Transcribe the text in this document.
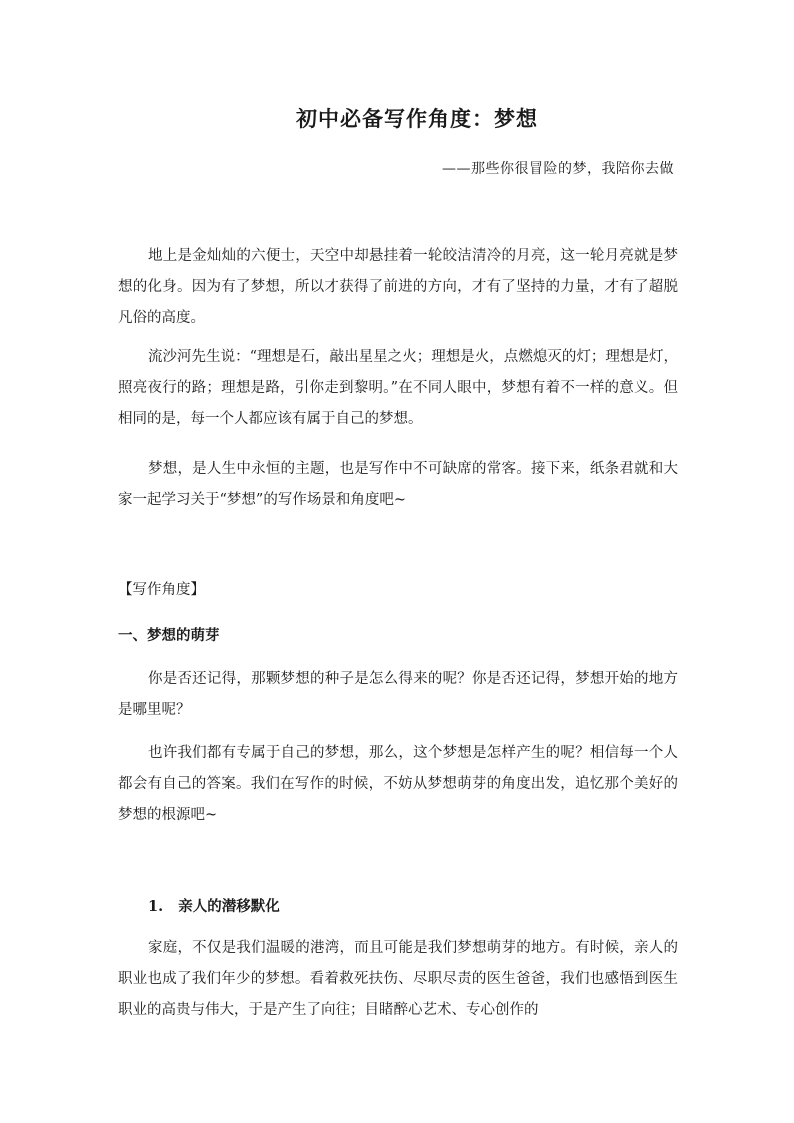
初中必备写作角度：梦想
——那些你很冒险的梦，我陪你去做

地上是金灿灿的六便士，天空中却悬挂着一轮皎洁清冷的月亮，这一轮月亮就是梦想的化身。因为有了梦想，所以才获得了前进的方向，才有了坚持的力量，才有了超脱凡俗的高度。

流沙河先生说：“理想是石，敲出星星之火；理想是火，点燃熄灭的灯；理想是灯，照亮夜行的路；理想是路，引你走到黎明。”在不同人眼中，梦想有着不一样的意义。但相同的是，每一个人都应该有属于自己的梦想。

梦想，是人生中永恒的主题，也是写作中不可缺席的常客。接下来，纸条君就和大家一起学习关于“梦想”的写作场景和角度吧~

【写作角度】
一、梦想的萌芽

你是否还记得，那颗梦想的种子是怎么得来的呢？你是否还记得，梦想开始的地方是哪里呢？

也许我们都有专属于自己的梦想，那么，这个梦想是怎样产生的呢？相信每一个人都会有自己的答案。我们在写作的时候，不妨从梦想萌芽的角度出发，追忆那个美好的梦想的根源吧~

1.   亲人的潜移默化

家庭，不仅是我们温暖的港湾，而且可能是我们梦想萌芽的地方。有时候，亲人的职业也成了我们年少的梦想。看着救死扶伤、尽职尽责的医生爸爸，我们也感悟到医生职业的高贵与伟大，于是产生了向往；目睹醉心艺术、专心创作的
